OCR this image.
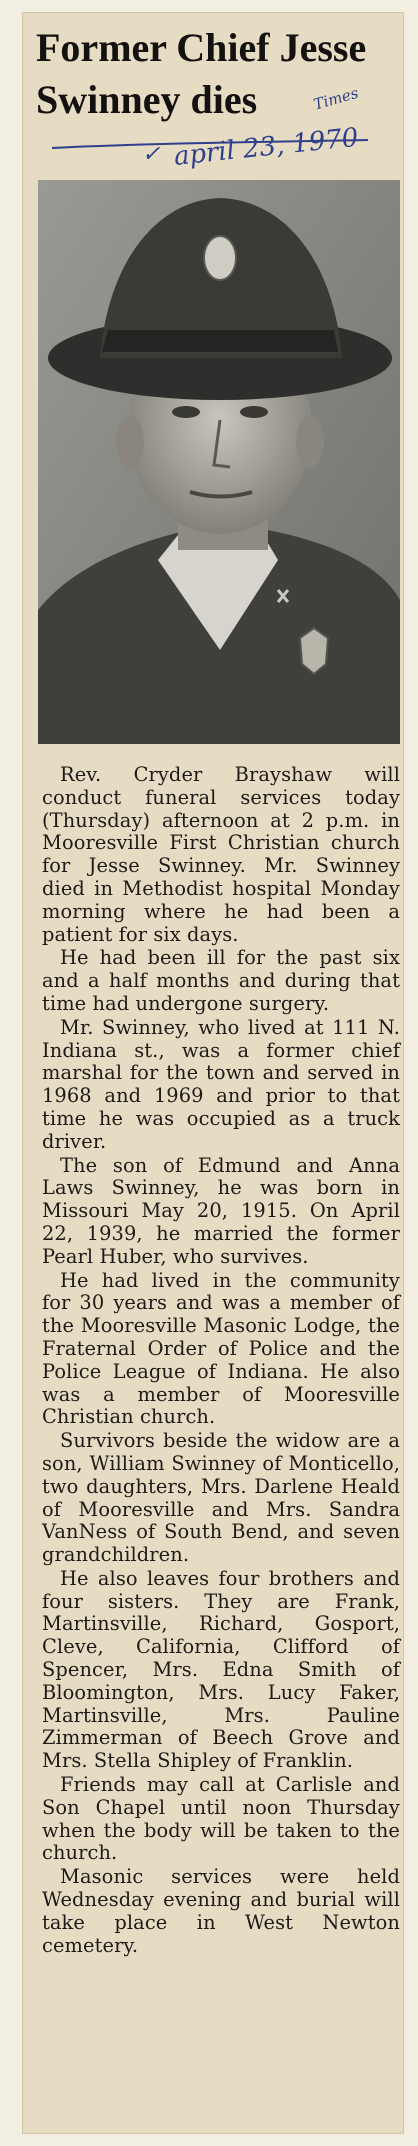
Former Chief Jesse
Swinney dies	Times
✓ april 23, 1970

Rev. Cryder Brayshaw will conduct funeral services today (Thursday) afternoon at 2 p.m. in Mooresville First Christian church for Jesse Swinney. Mr. Swinney died in Methodist hospital Monday morning where he had been a patient for six days.

He had been ill for the past six and a half months and during that time had undergone surgery.

Mr. Swinney, who lived at 111 N. Indiana st., was a former chief marshal for the town and served in 1968 and 1969 and prior to that time he was occupied as a truck driver.

The son of Edmund and Anna Laws Swinney, he was born in Missouri May 20, 1915. On April 22, 1939, he married the former Pearl Huber, who survives.

He had lived in the community for 30 years and was a member of the Mooresville Masonic Lodge, the Fraternal Order of Police and the Police League of Indiana. He also was a member of Mooresville Christian church.

Survivors beside the widow are a son, William Swinney of Monticello, two daughters, Mrs. Darlene Heald of Mooresville and Mrs. Sandra VanNess of South Bend, and seven grandchildren.

He also leaves four brothers and four sisters. They are Frank, Martinsville, Richard, Gosport, Cleve, California, Clifford of Spencer, Mrs. Edna Smith of Bloomington, Mrs. Lucy Faker, Martinsville, Mrs. Pauline Zimmerman of Beech Grove and Mrs. Stella Shipley of Franklin.

Friends may call at Carlisle and Son Chapel until noon Thursday when the body will be taken to the church.

Masonic services were held Wednesday evening and burial will take place in West Newton cemetery.
